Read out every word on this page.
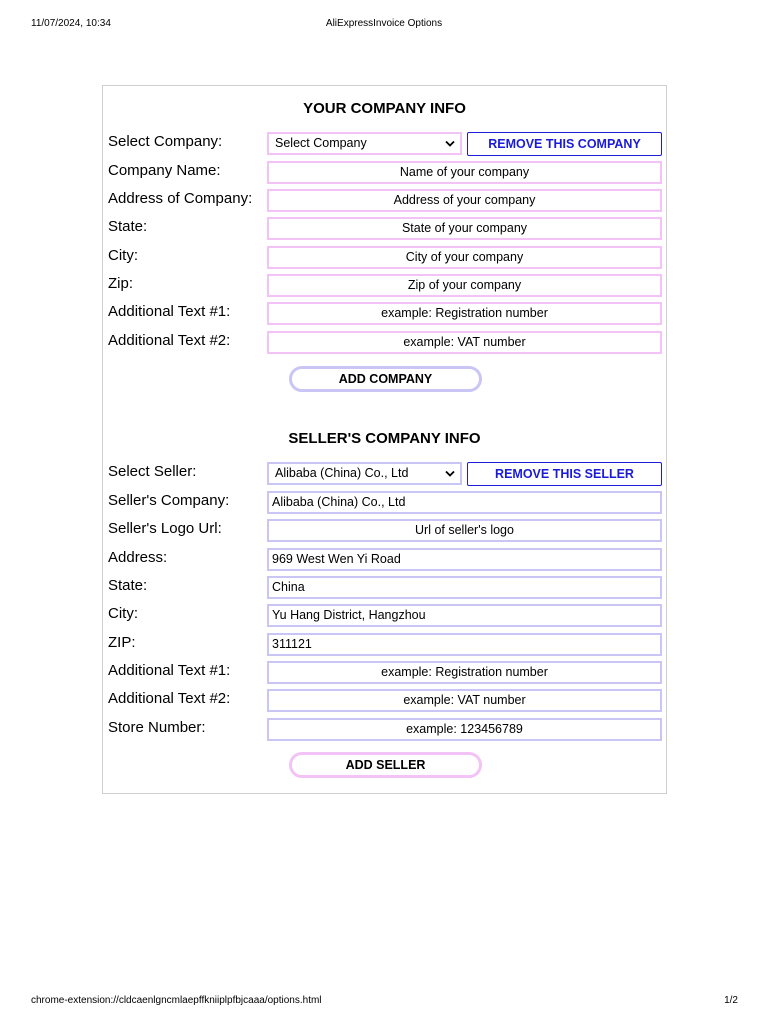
11/07/2024, 10:34	AliExpressInvoice Options
YOUR COMPANY INFO
Select Company:	Select Company	REMOVE THIS COMPANY
Company Name:	Name of your company
Address of Company:	Address of your company
State:	State of your company
City:	City of your company
Zip:	Zip of your company
Additional Text #1:	example: Registration number
Additional Text #2:	example: VAT number
ADD COMPANY
SELLER'S COMPANY INFO
Select Seller:	Alibaba (China) Co., Ltd	REMOVE THIS SELLER
Seller's Company:	Alibaba (China) Co., Ltd
Seller's Logo Url:	Url of seller's logo
Address:	969 West Wen Yi Road
State:	China
City:	Yu Hang District, Hangzhou
ZIP:	311121
Additional Text #1:	example: Registration number
Additional Text #2:	example: VAT number
Store Number:	example: 123456789
ADD SELLER
chrome-extension://cldcaenlgncmlaepffkniiplpfbjcaaa/options.html	1/2
